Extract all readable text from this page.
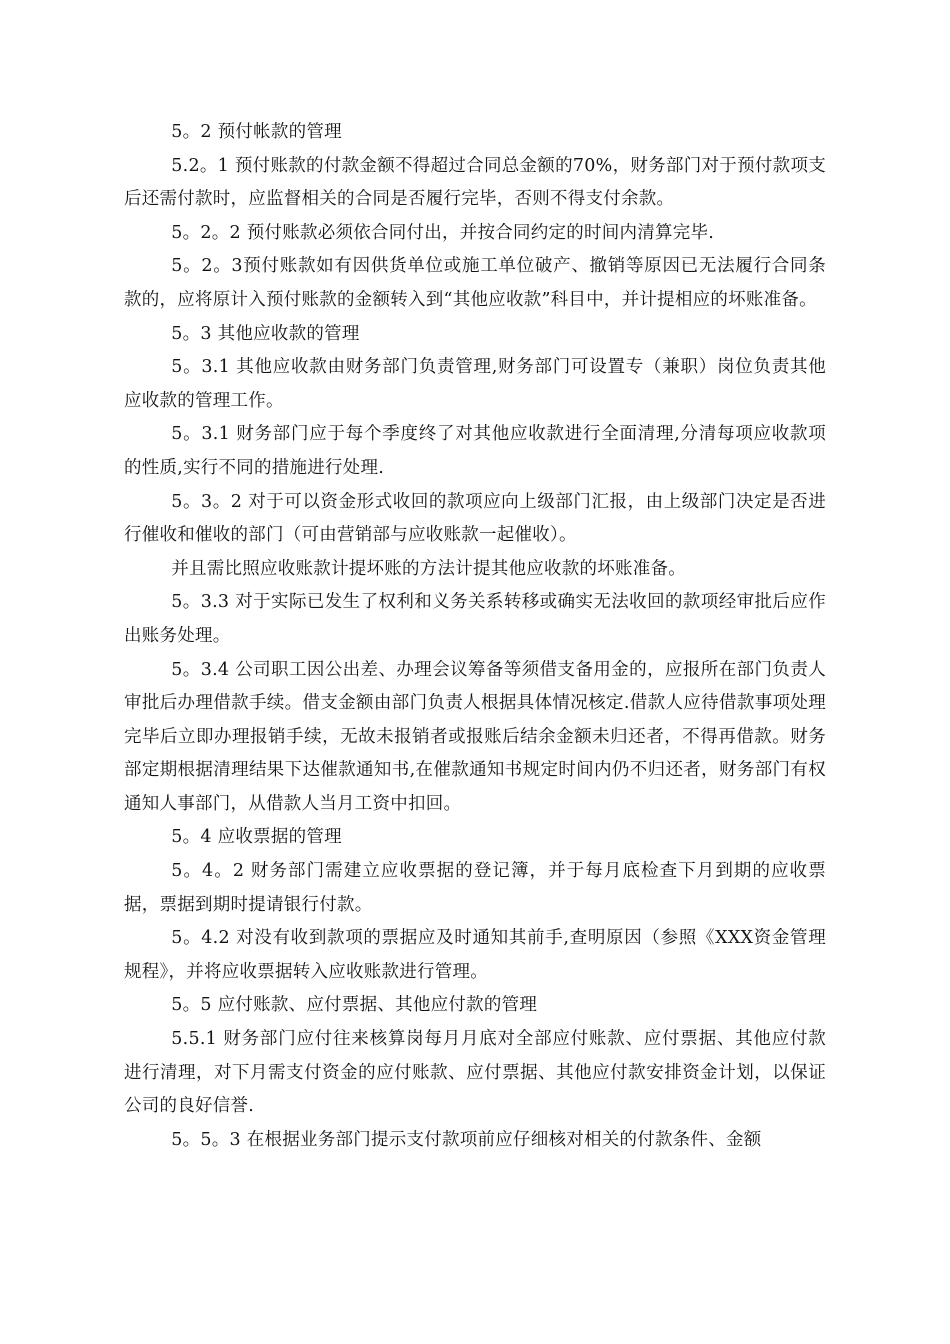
5。2 预付帐款的管理

5.2。1 预付账款的付款金额不得超过合同总金额的70%，财务部门对于预付款项支后还需付款时，应监督相关的合同是否履行完毕，否则不得支付余款。

5。2。2 预付账款必须依合同付出，并按合同约定的时间内清算完毕.

5。2。3预付账款如有因供货单位或施工单位破产、撤销等原因已无法履行合同条款的，应将原计入预付账款的金额转入到“其他应收款”科目中，并计提相应的坏账准备。

5。3 其他应收款的管理

5。3.1 其他应收款由财务部门负责管理,财务部门可设置专（兼职）岗位负责其他应收款的管理工作。

5。3.1 财务部门应于每个季度终了对其他应收款进行全面清理,分清每项应收款项的性质,实行不同的措施进行处理.

5。3。2 对于可以资金形式收回的款项应向上级部门汇报，由上级部门决定是否进行催收和催收的部门（可由营销部与应收账款一起催收）。

并且需比照应收账款计提坏账的方法计提其他应收款的坏账准备。

5。3.3 对于实际已发生了权利和义务关系转移或确实无法收回的款项经审批后应作出账务处理。

5。3.4 公司职工因公出差、办理会议筹备等须借支备用金的，应报所在部门负责人审批后办理借款手续。借支金额由部门负责人根据具体情况核定.借款人应待借款事项处理完毕后立即办理报销手续，无故未报销者或报账后结余金额未归还者，不得再借款。财务部定期根据清理结果下达催款通知书,在催款通知书规定时间内仍不归还者，财务部门有权通知人事部门，从借款人当月工资中扣回。

5。4 应收票据的管理

5。4。2 财务部门需建立应收票据的登记簿，并于每月底检查下月到期的应收票据，票据到期时提请银行付款。

5。4.2 对没有收到款项的票据应及时通知其前手,查明原因（参照《XXX资金管理规程》，并将应收票据转入应收账款进行管理。

5。5 应付账款、应付票据、其他应付款的管理

5.5.1 财务部门应付往来核算岗每月月底对全部应付账款、应付票据、其他应付款进行清理，对下月需支付资金的应付账款、应付票据、其他应付款安排资金计划，以保证公司的良好信誉.

5。5。3 在根据业务部门提示支付款项前应仔细核对相关的付款条件、金额
